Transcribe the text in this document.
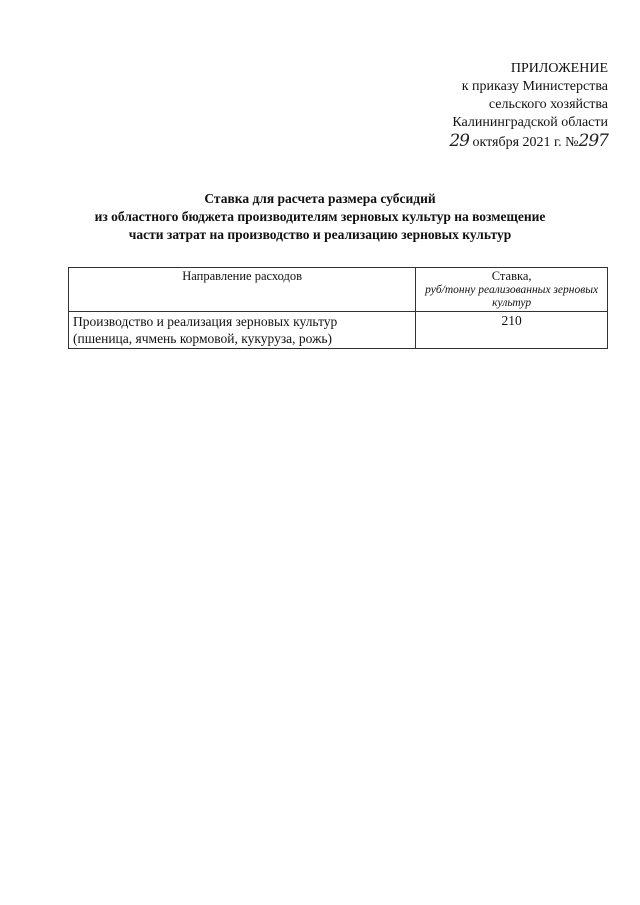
ПРИЛОЖЕНИЕ
к приказу Министерства
сельского хозяйства
Калининградской области
29 октября 2021 г. №297
Ставка для расчета размера субсидий
из областного бюджета производителям зерновых культур на возмещение
части затрат на производство и реализацию зерновых культур
Направление расходов	Ставка,
руб/тонну реализованных зерновых культур

Производство и реализация зерновых культур
(пшеница, ячмень кормовой, кукуруза, рожь)	210
